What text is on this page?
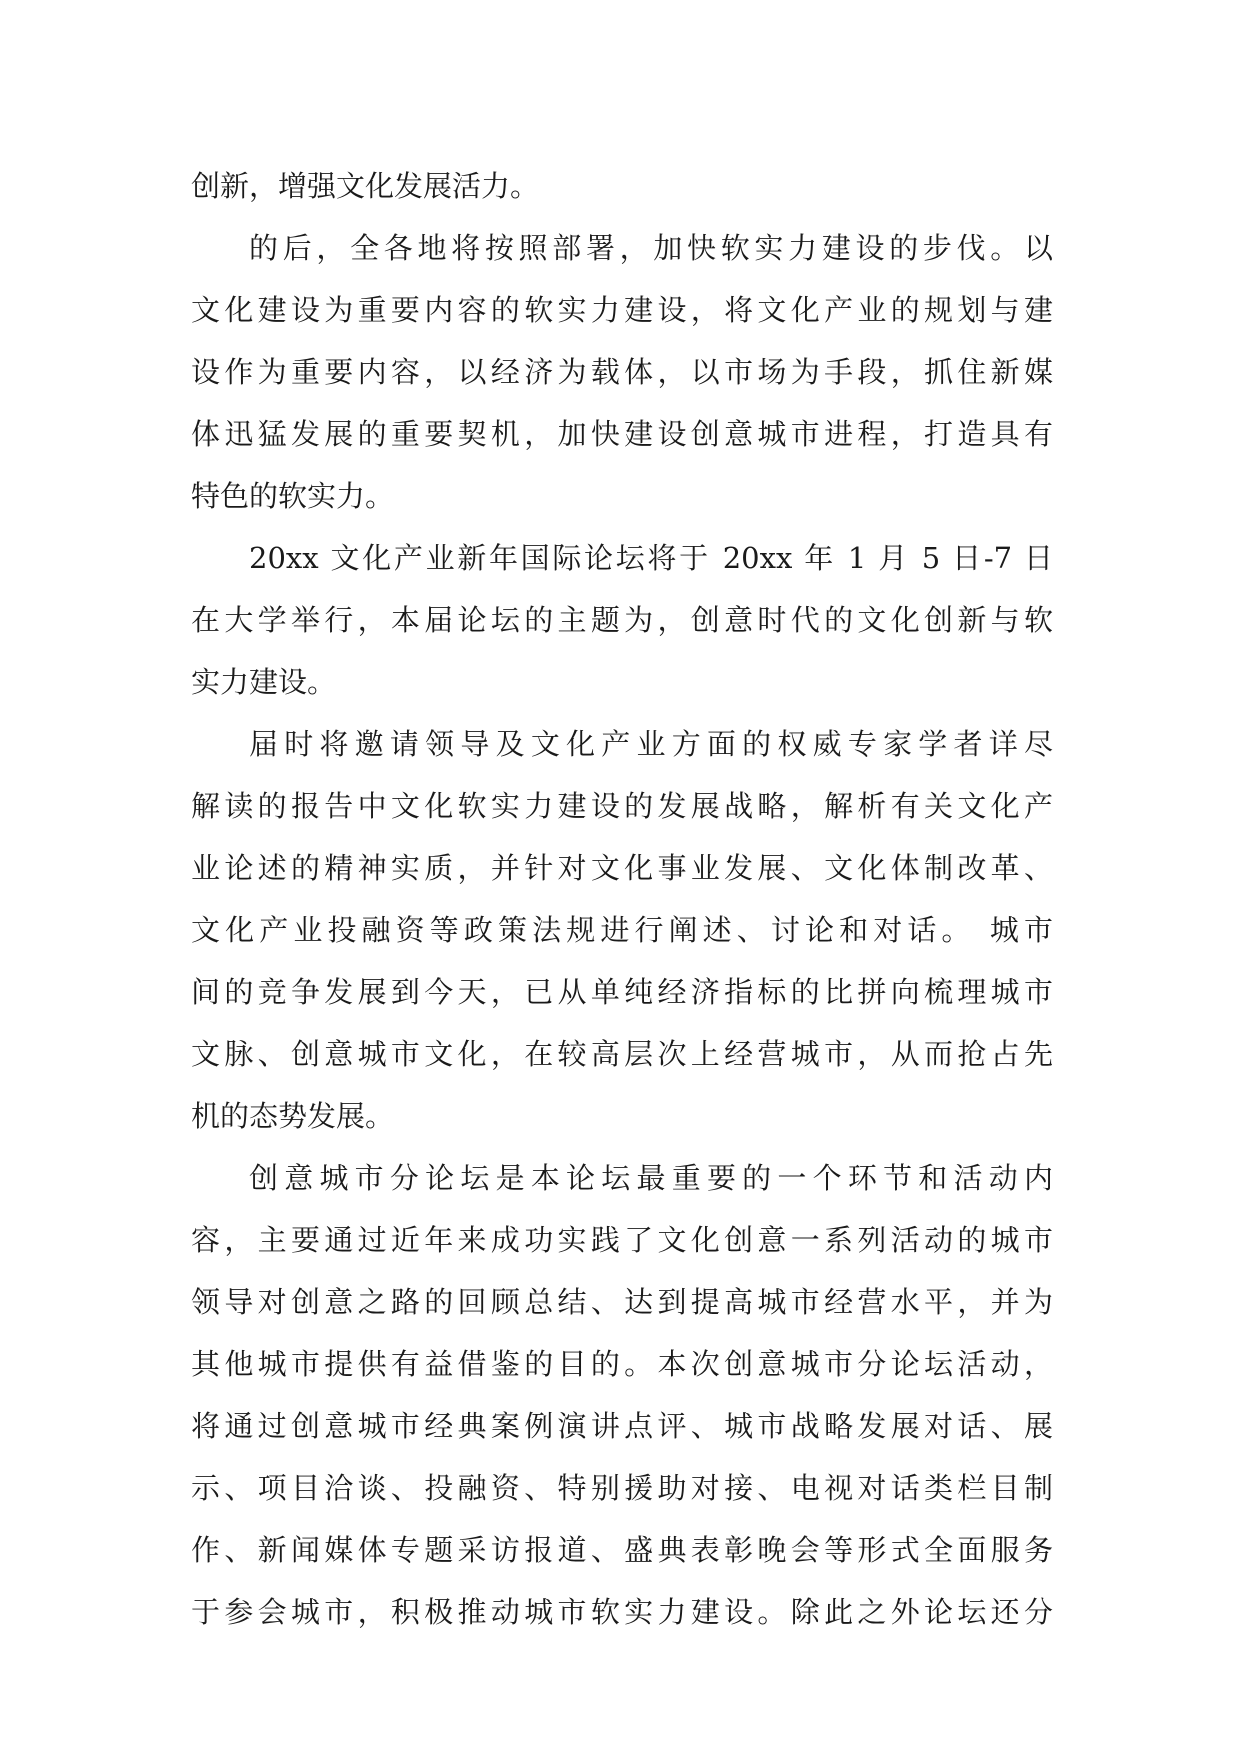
创新，增强文化发展活力。
的后，全各地将按照部署，加快软实力建设的步伐。以
文化建设为重要内容的软实力建设，将文化产业的规划与建
设作为重要内容，以经济为载体，以市场为手段，抓住新媒
体迅猛发展的重要契机，加快建设创意城市进程，打造具有
特色的软实力。
20xx 文化产业新年国际论坛将于 20xx 年 1 月 5 日-7 日
在大学举行，本届论坛的主题为，创意时代的文化创新与软
实力建设。
届时将邀请领导及文化产业方面的权威专家学者详尽
解读的报告中文化软实力建设的发展战略，解析有关文化产
业论述的精神实质，并针对文化事业发展、文化体制改革、
文化产业投融资等政策法规进行阐述、讨论和对话。 城市
间的竞争发展到今天，已从单纯经济指标的比拼向梳理城市
文脉、创意城市文化，在较高层次上经营城市，从而抢占先
机的态势发展。
创意城市分论坛是本论坛最重要的一个环节和活动内
容，主要通过近年来成功实践了文化创意一系列活动的城市
领导对创意之路的回顾总结、达到提高城市经营水平，并为
其他城市提供有益借鉴的目的。本次创意城市分论坛活动，
将通过创意城市经典案例演讲点评、城市战略发展对话、展
示、项目洽谈、投融资、特别援助对接、电视对话类栏目制
作、新闻媒体专题采访报道、盛典表彰晚会等形式全面服务
于参会城市，积极推动城市软实力建设。除此之外论坛还分
